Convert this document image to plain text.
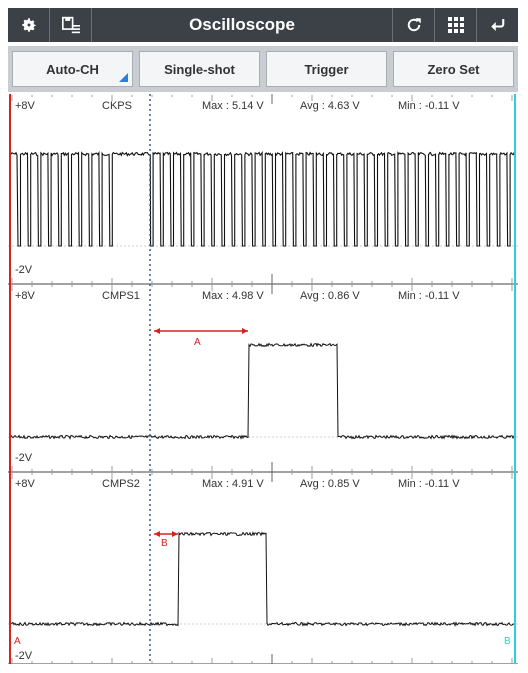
Oscilloscope
Auto-CH	Single-shot	Trigger	Zero Set
+8V	CKPS	Max : 5.14 V	Avg : 4.63 V	Min : -0.11 V
-2V
+8V	CMPS1	Max : 4.98 V	Avg : 0.86 V	Min : -0.11 V
-2V
A
+8V	CMPS2	Max : 4.91 V	Avg : 0.85 V	Min : -0.11 V
-2V
B
A	B
